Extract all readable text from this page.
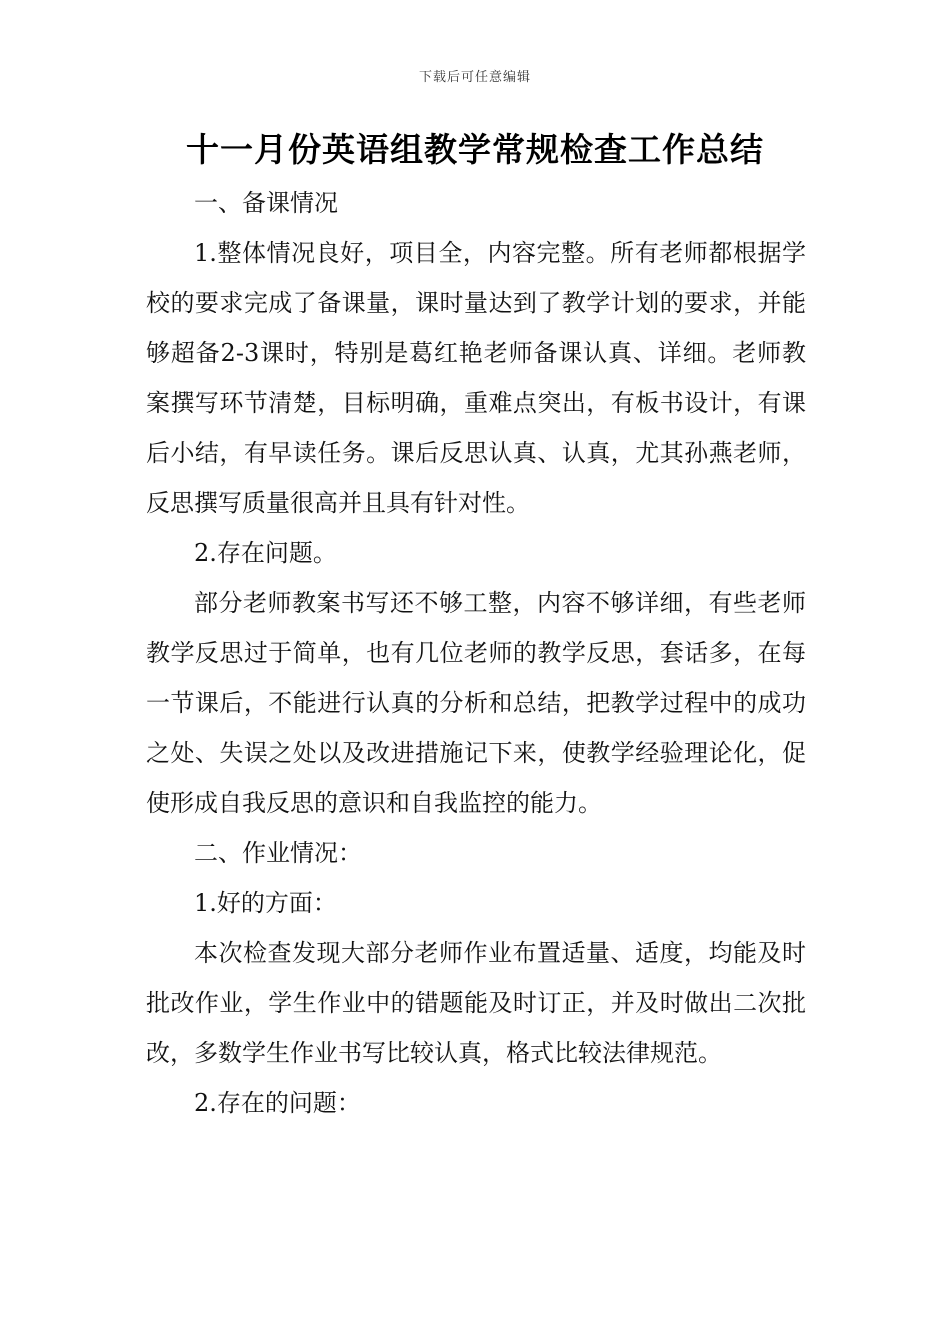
下载后可任意编辑
十一月份英语组教学常规检查工作总结

一、备课情况

1.整体情况良好，项目全，内容完整。所有老师都根据学校的要求完成了备课量，课时量达到了教学计划的要求，并能够超备2-3课时，特别是葛红艳老师备课认真、详细。老师教案撰写环节清楚，目标明确，重难点突出，有板书设计，有课后小结，有早读任务。课后反思认真、认真，尤其孙燕老师，反思撰写质量很高并且具有针对性。

2.存在问题。

部分老师教案书写还不够工整，内容不够详细，有些老师教学反思过于简单，也有几位老师的教学反思，套话多，在每一节课后，不能进行认真的分析和总结，把教学过程中的成功之处、失误之处以及改进措施记下来，使教学经验理论化，促使形成自我反思的意识和自我监控的能力。

二、作业情况：

1.好的方面：

本次检查发现大部分老师作业布置适量、适度，均能及时批改作业，学生作业中的错题能及时订正，并及时做出二次批改，多数学生作业书写比较认真，格式比较法律规范。

2.存在的问题：
